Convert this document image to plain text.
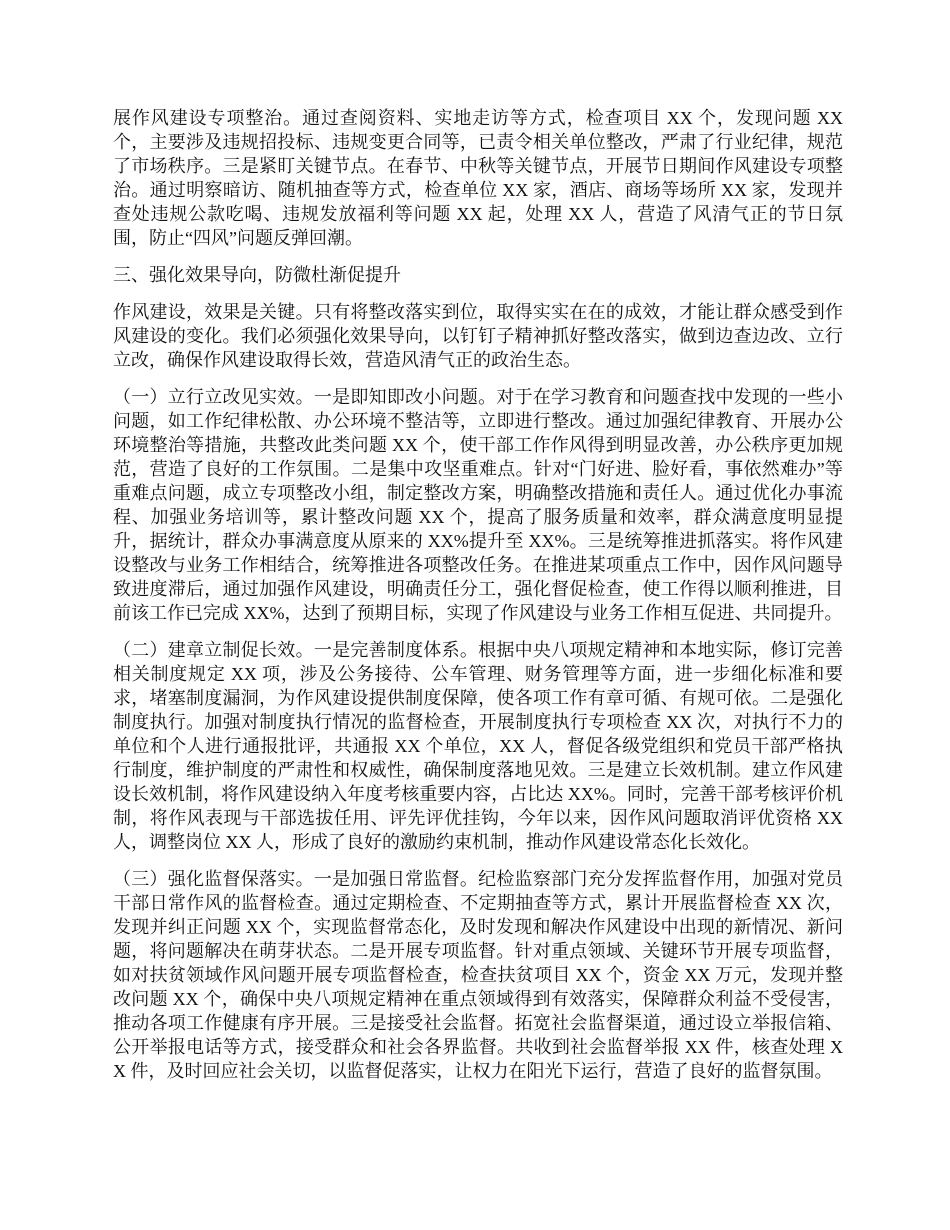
展作风建设专项整治。通过查阅资料、实地走访等方式，检查项目 XX 个，发现问题 XX 个，主要涉及违规招投标、违规变更合同等，已责令相关单位整改，严肃了行业纪律，规范了市场秩序。三是紧盯关键节点。在春节、中秋等关键节点，开展节日期间作风建设专项整治。通过明察暗访、随机抽查等方式，检查单位 XX 家，酒店、商场等场所 XX 家，发现并查处违规公款吃喝、违规发放福利等问题 XX 起，处理 XX 人，营造了风清气正的节日氛围，防止“四风”问题反弹回潮。

三、强化效果导向，防微杜渐促提升

作风建设，效果是关键。只有将整改落实到位，取得实实在在的成效，才能让群众感受到作风建设的变化。我们必须强化效果导向，以钉钉子精神抓好整改落实，做到边查边改、立行立改，确保作风建设取得长效，营造风清气正的政治生态。

（一）立行立改见实效。一是即知即改小问题。对于在学习教育和问题查找中发现的一些小问题，如工作纪律松散、办公环境不整洁等，立即进行整改。通过加强纪律教育、开展办公环境整治等措施，共整改此类问题 XX 个，使干部工作作风得到明显改善，办公秩序更加规范，营造了良好的工作氛围。二是集中攻坚重难点。针对“门好进、脸好看，事依然难办”等重难点问题，成立专项整改小组，制定整改方案，明确整改措施和责任人。通过优化办事流程、加强业务培训等，累计整改问题 XX 个，提高了服务质量和效率，群众满意度明显提升，据统计，群众办事满意度从原来的 XX%提升至 XX%。三是统筹推进抓落实。将作风建设整改与业务工作相结合，统筹推进各项整改任务。在推进某项重点工作中，因作风问题导致进度滞后，通过加强作风建设，明确责任分工，强化督促检查，使工作得以顺利推进，目前该工作已完成 XX%，达到了预期目标，实现了作风建设与业务工作相互促进、共同提升。

（二）建章立制促长效。一是完善制度体系。根据中央八项规定精神和本地实际，修订完善相关制度规定 XX 项，涉及公务接待、公车管理、财务管理等方面，进一步细化标准和要求，堵塞制度漏洞，为作风建设提供制度保障，使各项工作有章可循、有规可依。二是强化制度执行。加强对制度执行情况的监督检查，开展制度执行专项检查 XX 次，对执行不力的单位和个人进行通报批评，共通报 XX 个单位，XX 人，督促各级党组织和党员干部严格执行制度，维护制度的严肃性和权威性，确保制度落地见效。三是建立长效机制。建立作风建设长效机制，将作风建设纳入年度考核重要内容，占比达 XX%。同时，完善干部考核评价机制，将作风表现与干部选拔任用、评先评优挂钩，今年以来，因作风问题取消评优资格 XX 人，调整岗位 XX 人，形成了良好的激励约束机制，推动作风建设常态化长效化。

（三）强化监督保落实。一是加强日常监督。纪检监察部门充分发挥监督作用，加强对党员干部日常作风的监督检查。通过定期检查、不定期抽查等方式，累计开展监督检查 XX 次，发现并纠正问题 XX 个，实现监督常态化，及时发现和解决作风建设中出现的新情况、新问题，将问题解决在萌芽状态。二是开展专项监督。针对重点领域、关键环节开展专项监督，如对扶贫领域作风问题开展专项监督检查，检查扶贫项目 XX 个，资金 XX 万元，发现并整改问题 XX 个，确保中央八项规定精神在重点领域得到有效落实，保障群众利益不受侵害，推动各项工作健康有序开展。三是接受社会监督。拓宽社会监督渠道，通过设立举报信箱、公开举报电话等方式，接受群众和社会各界监督。共收到社会监督举报 XX 件，核查处理 XX 件，及时回应社会关切，以监督促落实，让权力在阳光下运行，营造了良好的监督氛围。
